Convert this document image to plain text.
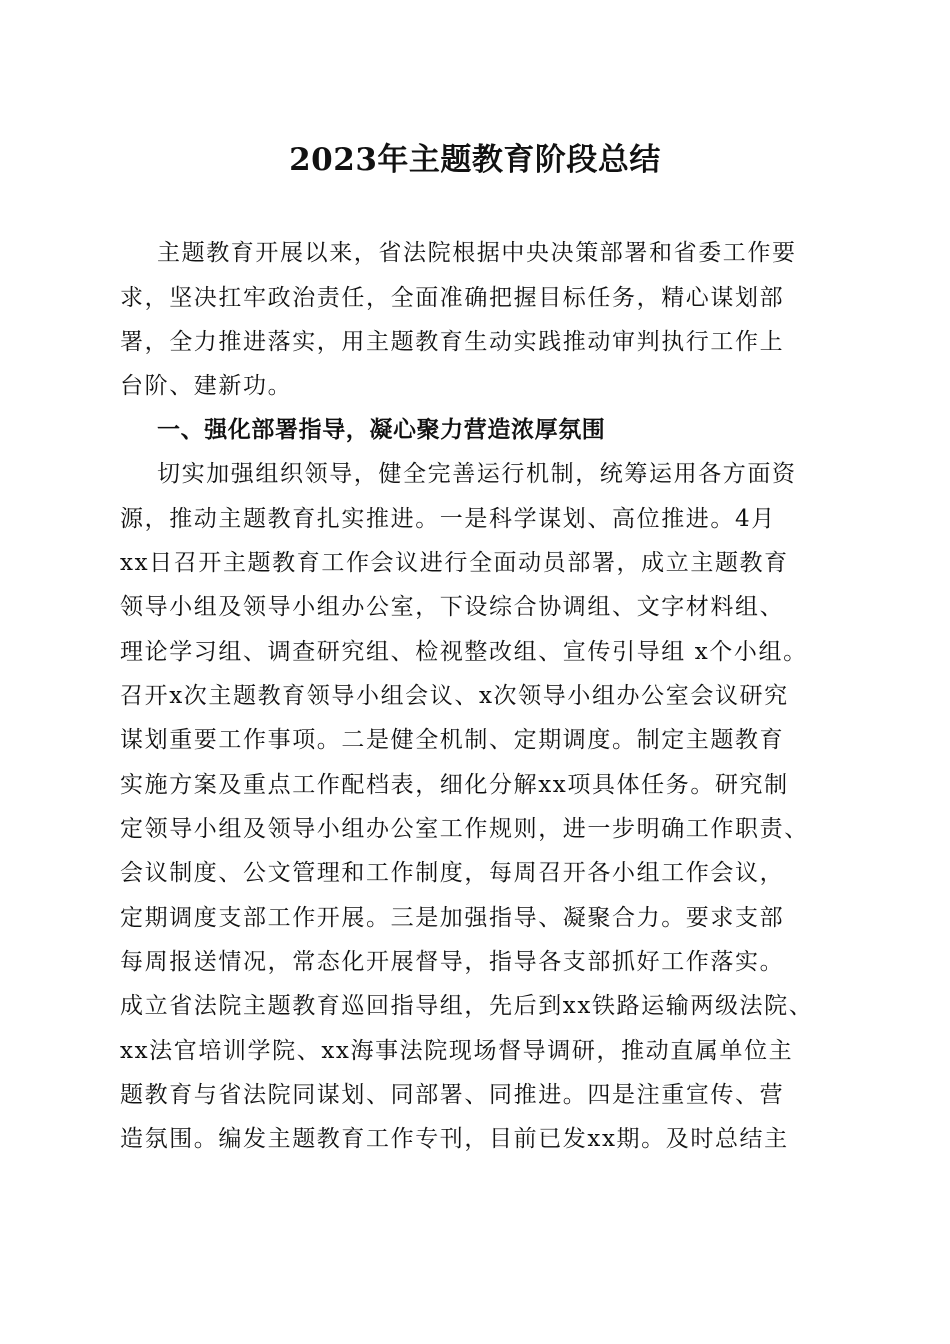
2023年主题教育阶段总结
主题教育开展以来，省法院根据中央决策部署和省委工作要
求，坚决扛牢政治责任，全面准确把握目标任务，精心谋划部
署，全力推进落实，用主题教育生动实践推动审判执行工作上
台阶、建新功。
一、强化部署指导，凝心聚力营造浓厚氛围
切实加强组织领导，健全完善运行机制，统筹运用各方面资
源，推动主题教育扎实推进。一是科学谋划、高位推进。4月
xx日召开主题教育工作会议进行全面动员部署，成立主题教育
领导小组及领导小组办公室，下设综合协调组、文字材料组、
理论学习组、调查研究组、检视整改组、宣传引导组 x个小组。
召开x次主题教育领导小组会议、x次领导小组办公室会议研究
谋划重要工作事项。二是健全机制、定期调度。制定主题教育
实施方案及重点工作配档表，细化分解xx项具体任务。研究制
定领导小组及领导小组办公室工作规则，进一步明确工作职责、
会议制度、公文管理和工作制度，每周召开各小组工作会议，
定期调度支部工作开展。三是加强指导、凝聚合力。要求支部
每周报送情况，常态化开展督导，指导各支部抓好工作落实。
成立省法院主题教育巡回指导组，先后到xx铁路运输两级法院、
xx法官培训学院、xx海事法院现场督导调研，推动直属单位主
题教育与省法院同谋划、同部署、同推进。四是注重宣传、营
造氛围。编发主题教育工作专刊，目前已发xx期。及时总结主
